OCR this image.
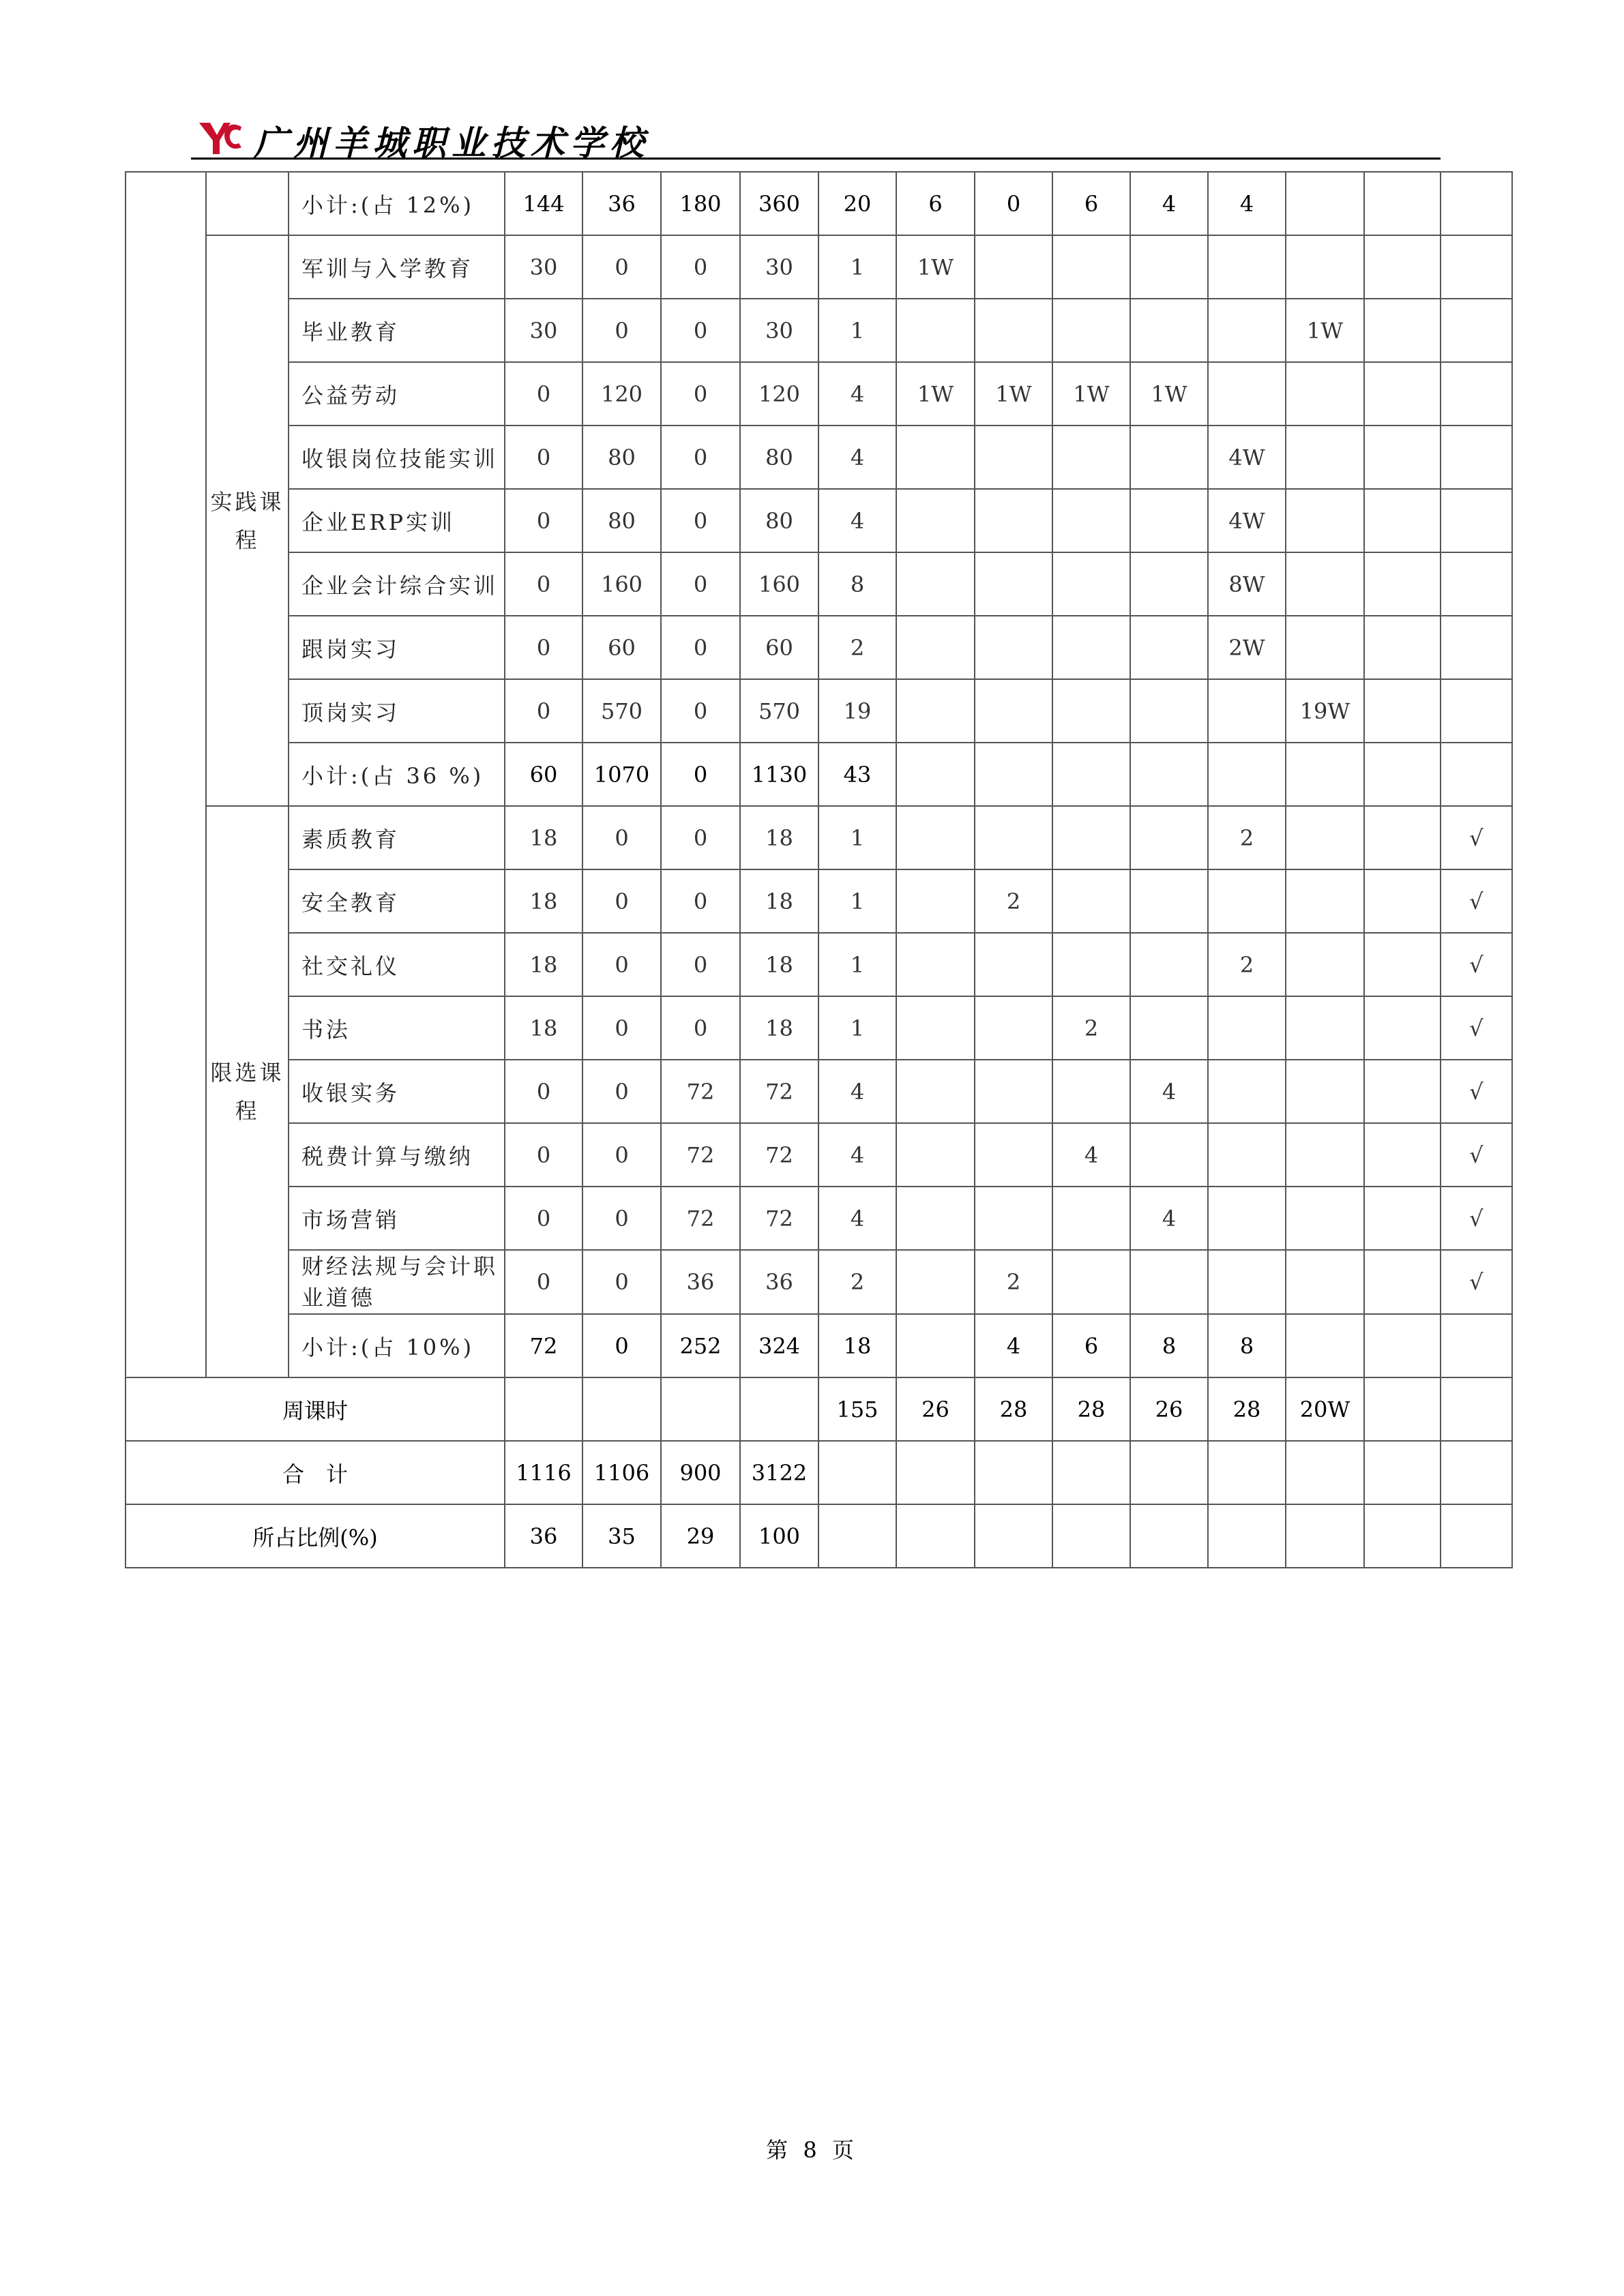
广州羊城职业技术学校
		小计:(占 12%)	144	36	180	360	20	6	0	6	4	4			
	实践课程	军训与入学教育	30	0	0	30	1	1W							
		毕业教育	30	0	0	30	1						1W		
		公益劳动	0	120	0	120	4	1W	1W	1W	1W				
		收银岗位技能实训	0	80	0	80	4					4W			
		企业ERP实训	0	80	0	80	4					4W			
		企业会计综合实训	0	160	0	160	8					8W			
		跟岗实习	0	60	0	60	2					2W			
		顶岗实习	0	570	0	570	19						19W		
		小计:(占 36 %)	60	1070	0	1130	43								
	限选课程	素质教育	18	0	0	18	1					2			√
		安全教育	18	0	0	18	1		2						√
		社交礼仪	18	0	0	18	1					2			√
		书法	18	0	0	18	1			2					√
		收银实务	0	0	72	72	4				4				√
		税费计算与缴纳	0	0	72	72	4			4					√
		市场营销	0	0	72	72	4				4				√
		财经法规与会计职业道德	0	0	36	36	2		2						√
		小计:(占 10%)	72	0	252	324	18		4	6	8	8			
周课时							155	26	28	28	26	28	20W		
合　计			1116	1106	900	3122									
所占比例(%)			36	35	29	100									
第 8 页
